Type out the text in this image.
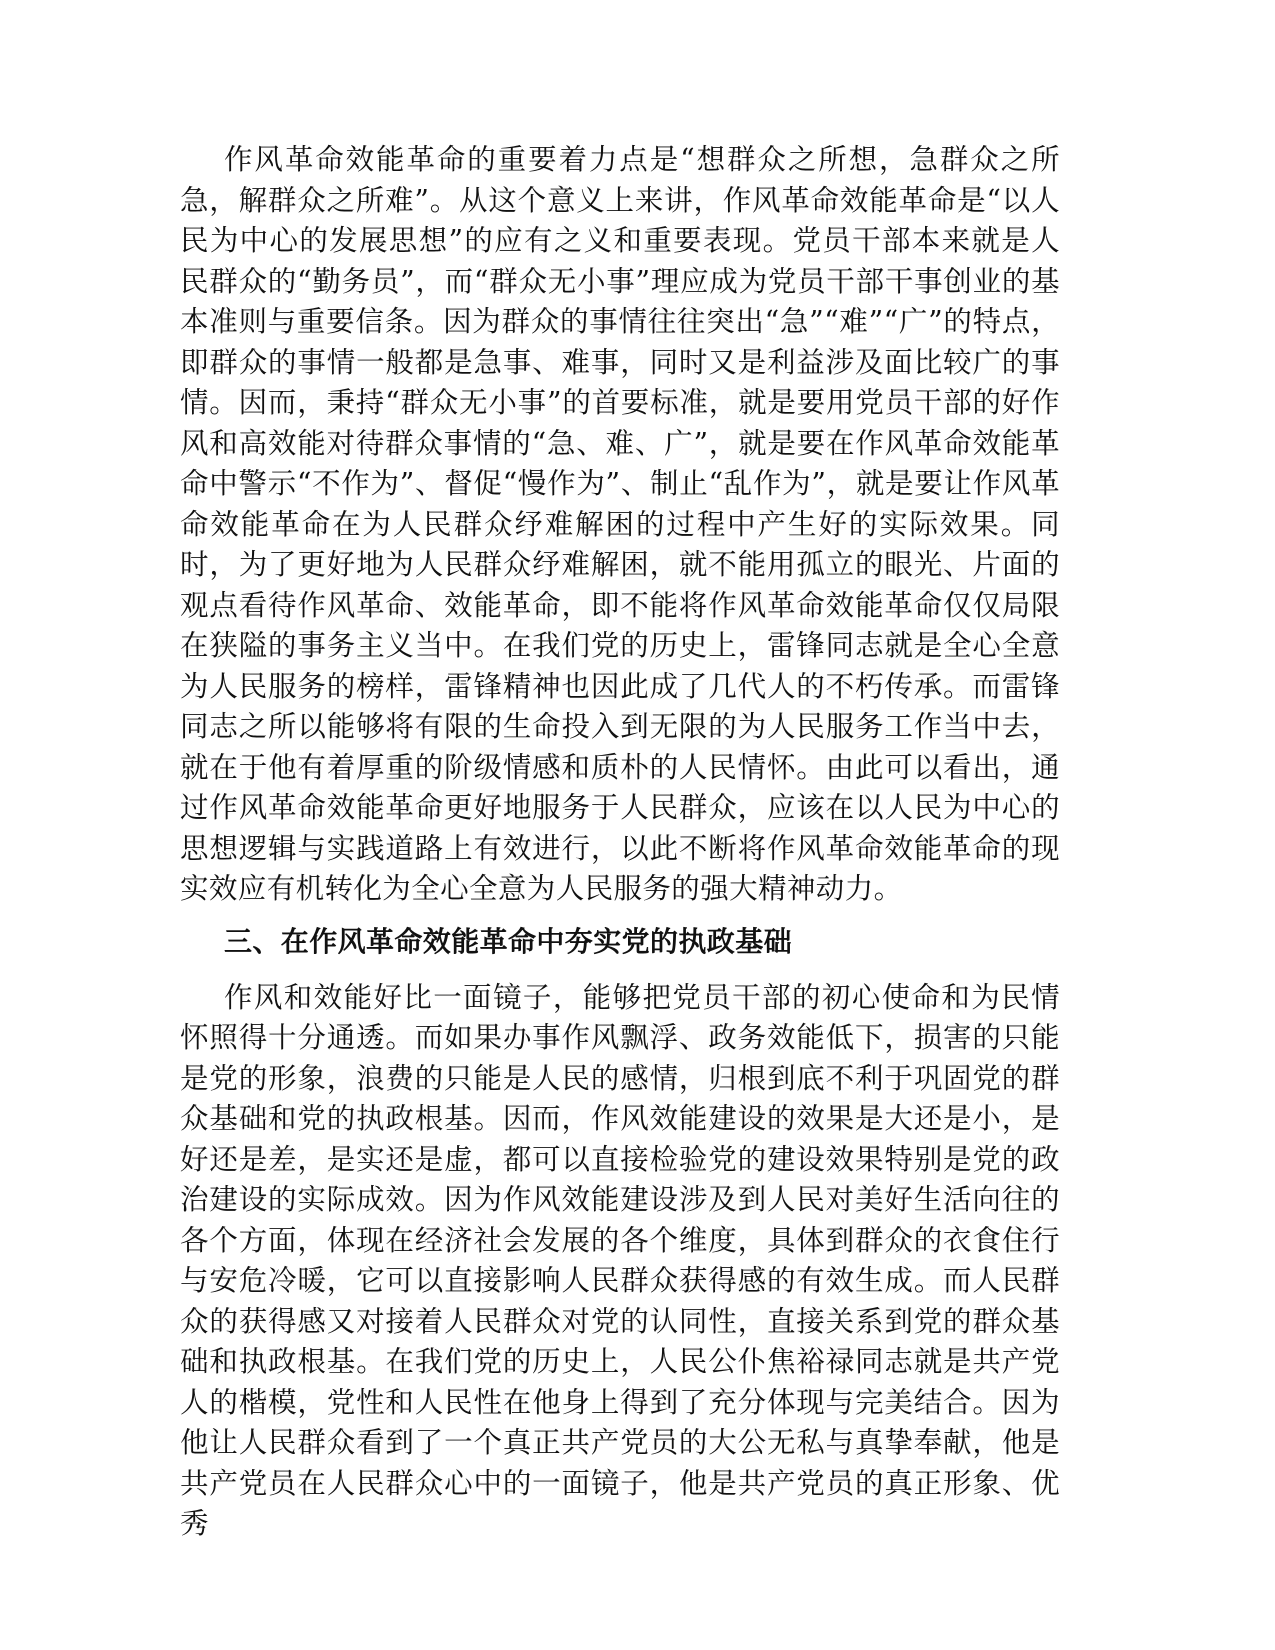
作风革命效能革命的重要着力点是“想群众之所想，急群众之所急，解群众之所难”。从这个意义上来讲，作风革命效能革命是“以人民为中心的发展思想”的应有之义和重要表现。党员干部本来就是人民群众的“勤务员”，而“群众无小事”理应成为党员干部干事创业的基本准则与重要信条。因为群众的事情往往突出“急”“难”“广”的特点，即群众的事情一般都是急事、难事，同时又是利益涉及面比较广的事情。因而，秉持“群众无小事”的首要标准，就是要用党员干部的好作风和高效能对待群众事情的“急、难、广”，就是要在作风革命效能革命中警示“不作为”、督促“慢作为”、制止“乱作为”，就是要让作风革命效能革命在为人民群众纾难解困的过程中产生好的实际效果。同时，为了更好地为人民群众纾难解困，就不能用孤立的眼光、片面的观点看待作风革命、效能革命，即不能将作风革命效能革命仅仅局限在狭隘的事务主义当中。在我们党的历史上，雷锋同志就是全心全意为人民服务的榜样，雷锋精神也因此成了几代人的不朽传承。而雷锋同志之所以能够将有限的生命投入到无限的为人民服务工作当中去，就在于他有着厚重的阶级情感和质朴的人民情怀。由此可以看出，通过作风革命效能革命更好地服务于人民群众，应该在以人民为中心的思想逻辑与实践道路上有效进行，以此不断将作风革命效能革命的现实效应有机转化为全心全意为人民服务的强大精神动力。

三、在作风革命效能革命中夯实党的执政基础

作风和效能好比一面镜子，能够把党员干部的初心使命和为民情怀照得十分通透。而如果办事作风飘浮、政务效能低下，损害的只能是党的形象，浪费的只能是人民的感情，归根到底不利于巩固党的群众基础和党的执政根基。因而，作风效能建设的效果是大还是小，是好还是差，是实还是虚，都可以直接检验党的建设效果特别是党的政治建设的实际成效。因为作风效能建设涉及到人民对美好生活向往的各个方面，体现在经济社会发展的各个维度，具体到群众的衣食住行与安危冷暖，它可以直接影响人民群众获得感的有效生成。而人民群众的获得感又对接着人民群众对党的认同性，直接关系到党的群众基础和执政根基。在我们党的历史上，人民公仆焦裕禄同志就是共产党人的楷模，党性和人民性在他身上得到了充分体现与完美结合。因为他让人民群众看到了一个真正共产党员的大公无私与真挚奉献，他是共产党员在人民群众心中的一面镜子，他是共产党员的真正形象、优秀
